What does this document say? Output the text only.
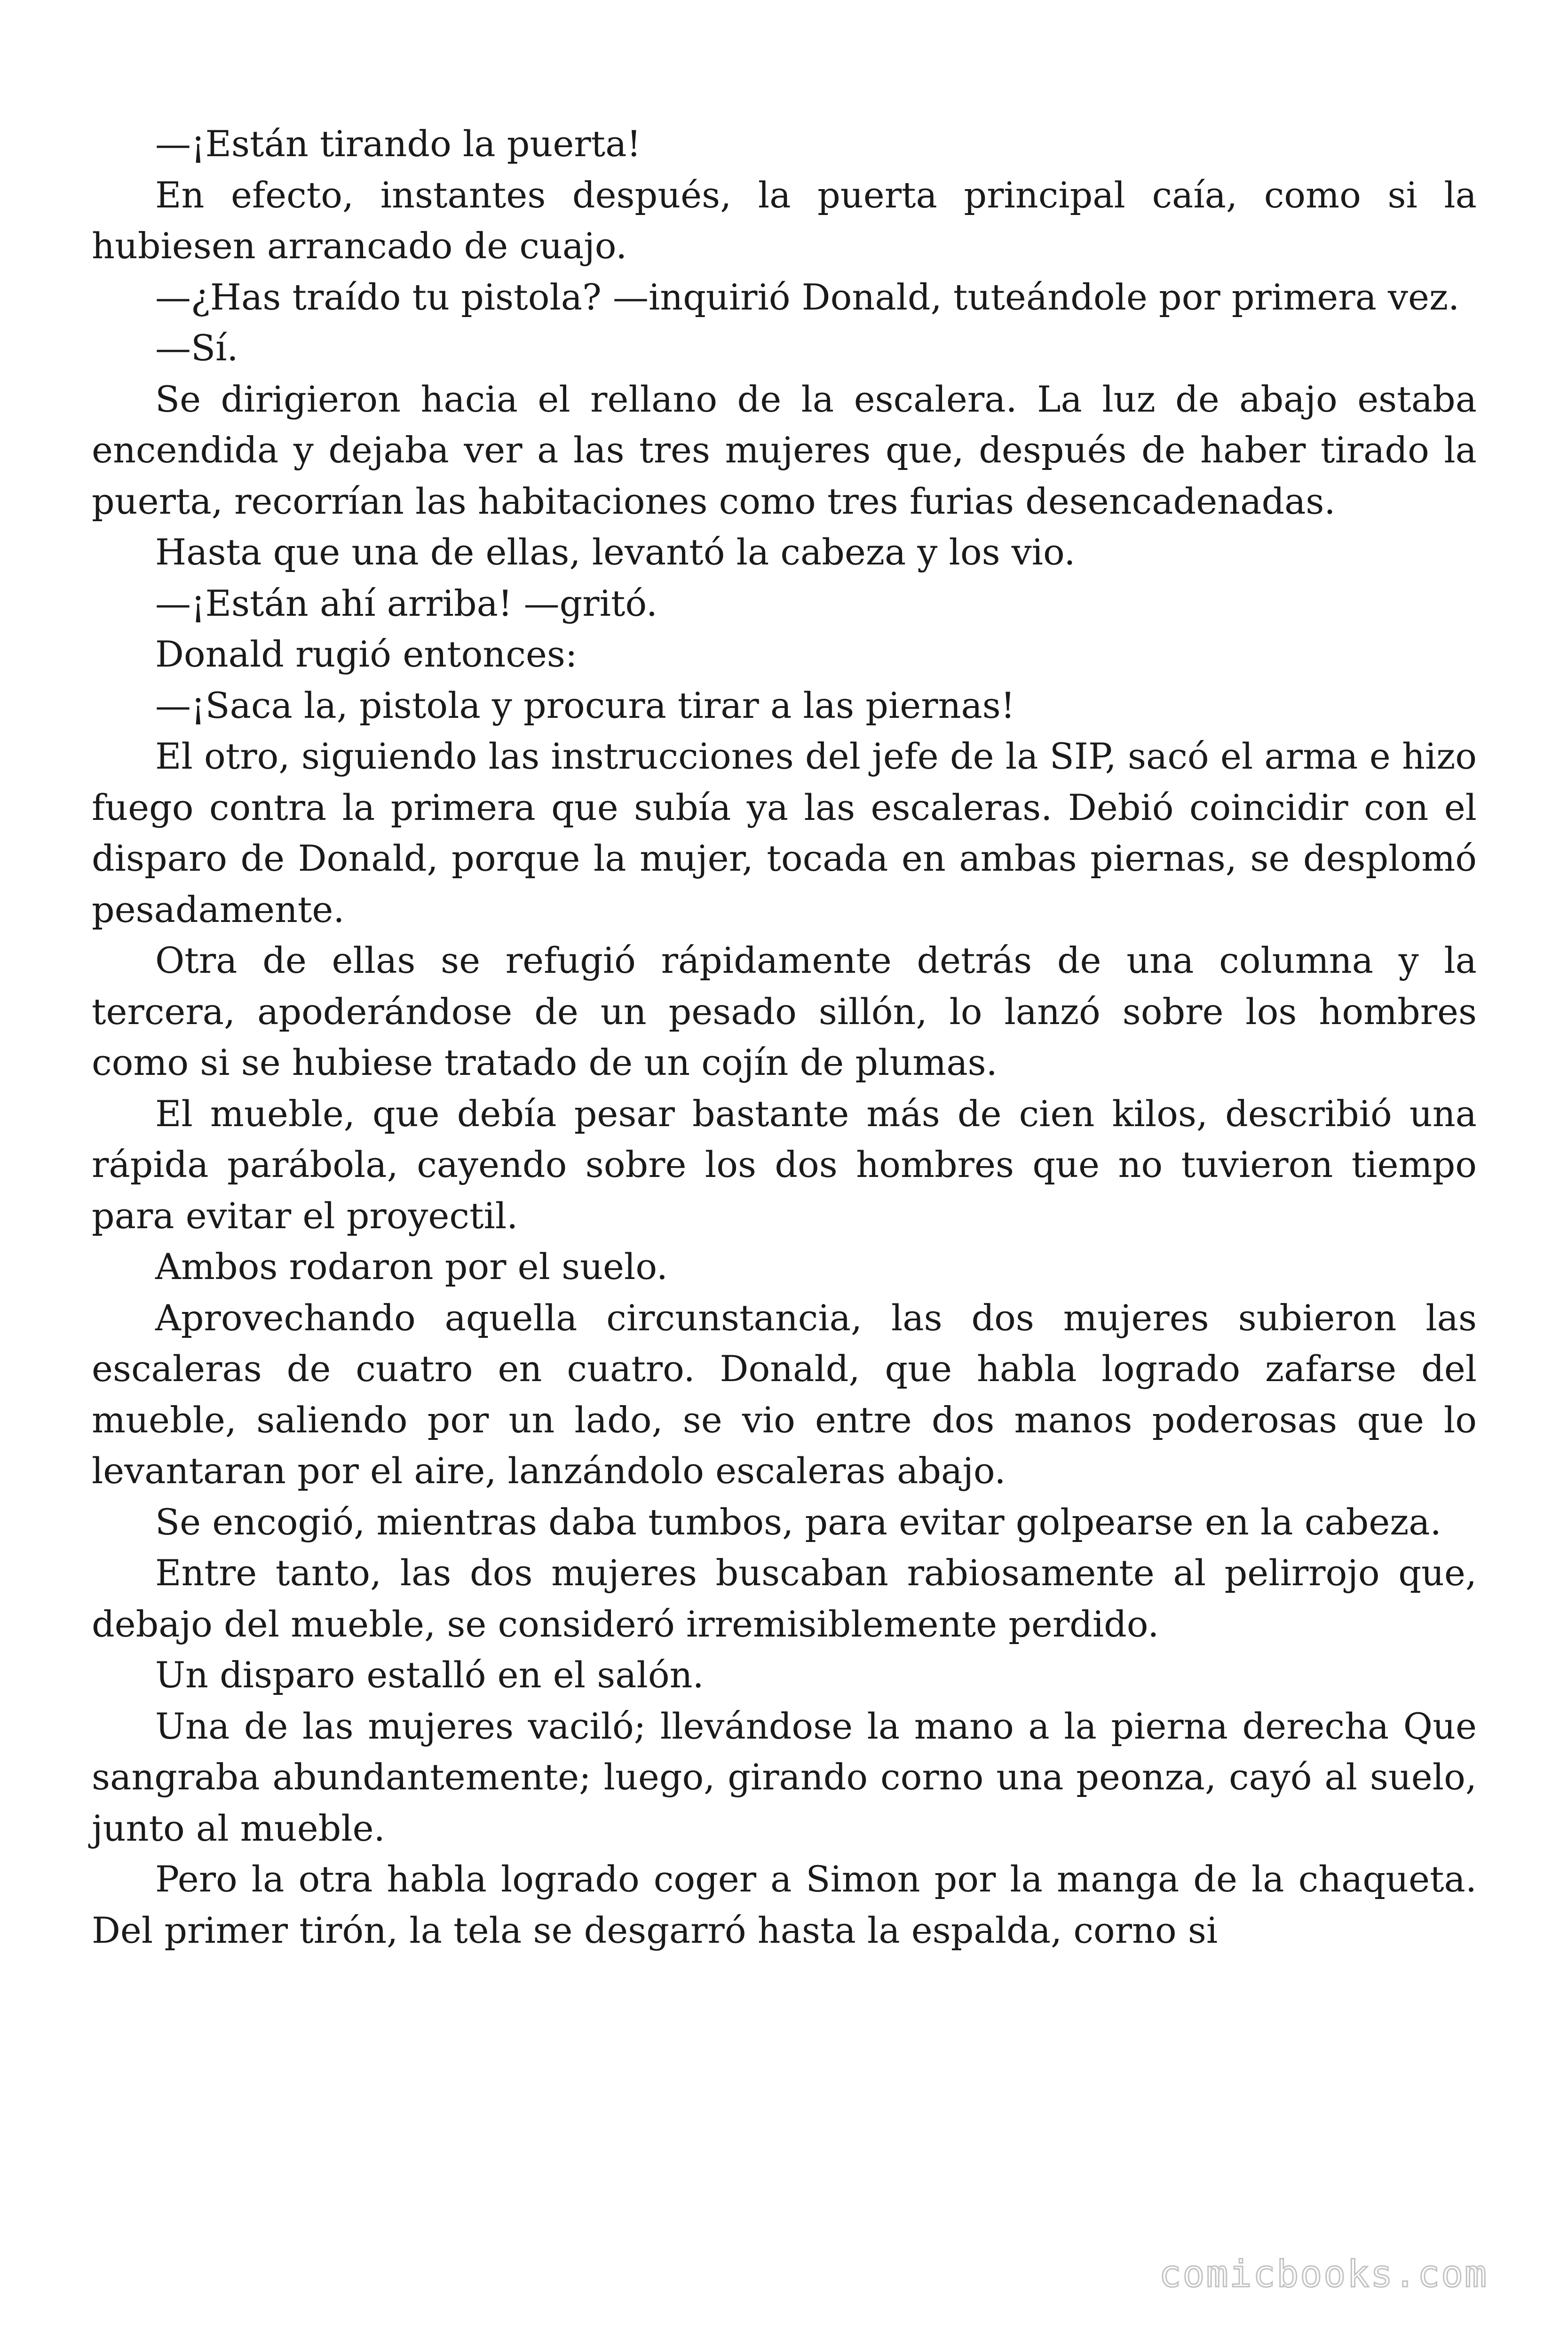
—¡Están tirando la puerta!

En efecto, instantes después, la puerta principal caía, como si la hubiesen arrancado de cuajo.

—¿Has traído tu pistola? —inquirió Donald, tuteándole por primera vez.

—Sí.

Se dirigieron hacia el rellano de la escalera. La luz de abajo estaba encendida y dejaba ver a las tres mujeres que, después de haber tirado la puerta, recorrían las habitaciones como tres furias desencadenadas.

Hasta que una de ellas, levantó la cabeza y los vio.

—¡Están ahí arriba! —gritó.

Donald rugió entonces:

—¡Saca la, pistola y procura tirar a las piernas!

El otro, siguiendo las instrucciones del jefe de la SIP, sacó el arma e hizo fuego contra la primera que subía ya las escaleras. Debió coincidir con el disparo de Donald, porque la mujer, tocada en ambas piernas, se desplomó pesadamente.

Otra de ellas se refugió rápidamente detrás de una columna y la tercera, apoderándose de un pesado sillón, lo lanzó sobre los hombres como si se hubiese tratado de un cojín de plumas.

El mueble, que debía pesar bastante más de cien kilos, describió una rápida parábola, cayendo sobre los dos hombres que no tuvieron tiempo para evitar el proyectil.

Ambos rodaron por el suelo.

Aprovechando aquella circunstancia, las dos mujeres subieron las escaleras de cuatro en cuatro. Donald, que habla logrado zafarse del mueble, saliendo por un lado, se vio entre dos manos poderosas que lo levantaran por el aire, lanzándolo escaleras abajo.

Se encogió, mientras daba tumbos, para evitar golpearse en la cabeza.

Entre tanto, las dos mujeres buscaban rabiosamente al pelirrojo que, debajo del mueble, se consideró irremisiblemente perdido.

Un disparo estalló en el salón.

Una de las mujeres vaciló; llevándose la mano a la pierna derecha Que sangraba abundantemente; luego, girando corno una peonza, cayó al suelo, junto al mueble.

Pero la otra habla logrado coger a Simon por la manga de la chaqueta. Del primer tirón, la tela se desgarró hasta la espalda, corno si

comicbooks.com
